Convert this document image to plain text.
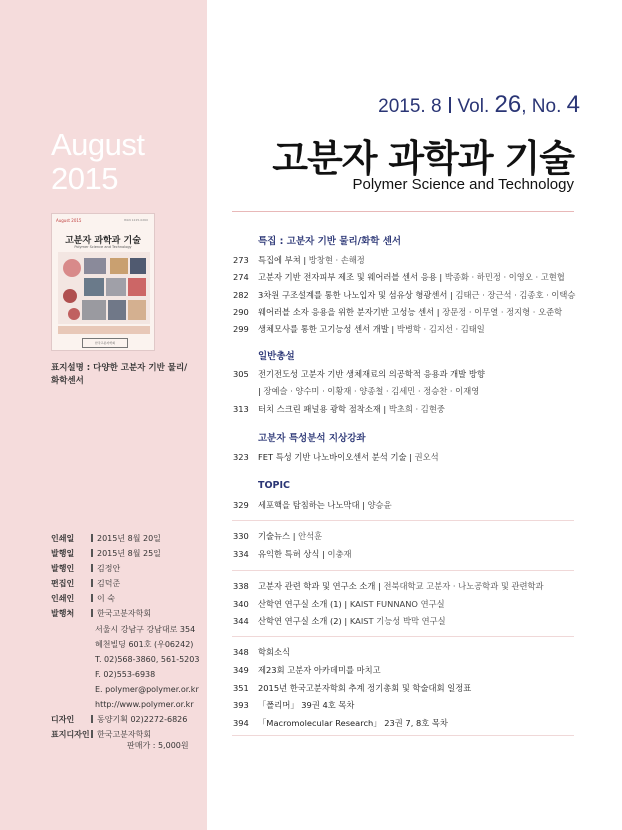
August
2015
August 2015	ISSN 1225-0260
고분자 과학과 기술
Polymer Science and Technology
한국고분자학회
표지설명 : 다양한 고분자 기반 물리/화학센서
인쇄일	2015년 8월 20일
발행일	2015년 8월 25일
발행인	김정안
편집인	김덕준
인쇄인	이 숙
발행처	한국고분자학회
서울시 강남구 강남대로 354
혜천빌딩 601호 (우06242)
T. 02)568-3860, 561-5203
F. 02)553-6938
E. polymer@polymer.or.kr
http://www.polymer.or.kr
디자인	동양기획 02)2272-6826
표지디자인 한국고분자학회
판매가 : 5,000원
2015. 8 Vol. 26, No. 4
고분자 과학과 기술
Polymer Science and Technology
특집 : 고분자 기반 물리/화학 센서
273 특집에 부쳐 | 방창현 · 손해정
274 고분자 기반 전자피부 제조 및 웨어러블 센서 응용 | 박종화 · 하민정 · 이영오 · 고현협
282 3차원 구조설계를 통한 나노입자 및 섬유상 형광센서 | 김태근 · 장근석 · 김종호 · 이택승
290 웨어러블 소자 응용을 위한 분자기반 고성능 센서 | 장문정 · 이무열 · 정지형 · 오준학
299 생체모사를 통한 고기능성 센서 개발 | 박병학 · 김지선 · 김태일
일반총설
305 전기전도성 고분자 기반 생체재료의 의공학적 응용과 개발 방향
| 장예슬 · 양수미 · 이황재 · 양종철 · 김세민 · 정승찬 · 이재영
313 터치 스크린 패널용 광학 점착소재 | 박초희 · 김현중
고분자 특성분석 지상강좌
323 FET 특성 기반 나노바이오센서 분석 기술 | 권오석
TOPIC
329 세포핵을 탐침하는 나노막대 | 양승윤
330 기술뉴스 | 안석훈
334 유익한 특허 상식 | 이충재
338 고분자 관련 학과 및 연구소 소개 | 전북대학교 고분자 · 나노공학과 및 관련학과
340 산학연 연구실 소개 (1) | KAIST FUNNANO 연구실
344 산학연 연구실 소개 (2) | KAIST 기능성 박막 연구실
348 학회소식
349 제23회 고분자 아카데미를 마치고
351 2015년 한국고분자학회 추계 정기총회 및 학술대회 일정표
393 「폴리머」 39권 4호 목차
394 「Macromolecular Research」 23권 7, 8호 목차
